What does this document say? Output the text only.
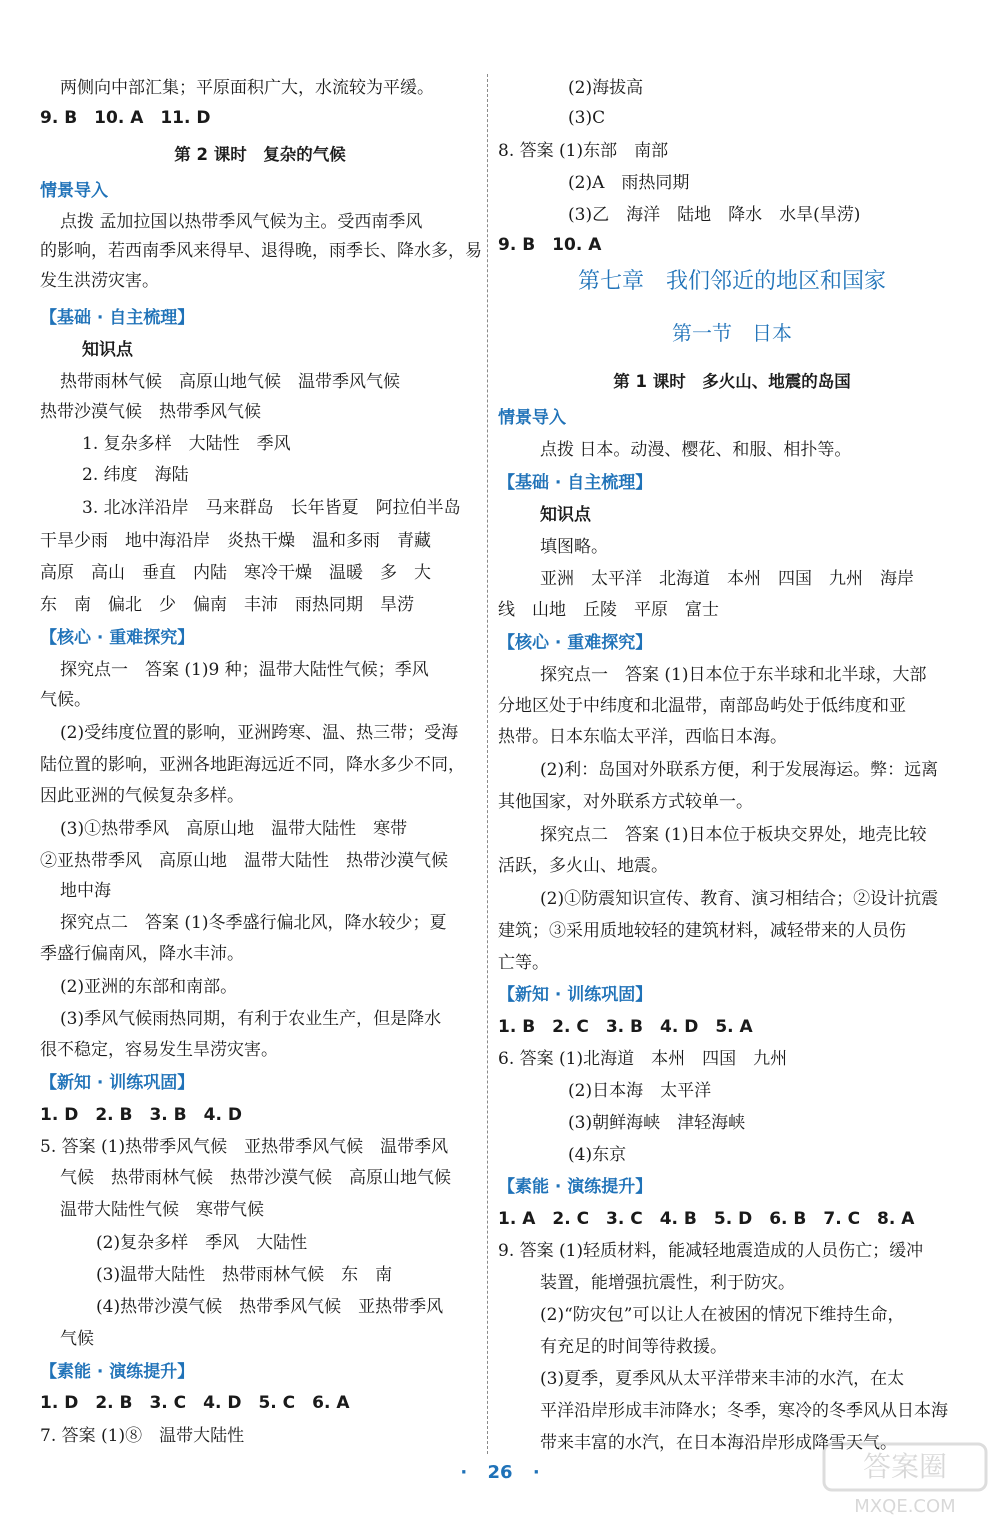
两侧向中部汇集；平原面积广大，水流较为平缓。
9. B　10. A　11. D
第 2 课时　复杂的气候
情景导入
点拨 孟加拉国以热带季风气候为主。受西南季风
的影响，若西南季风来得早、退得晚，雨季长、降水多，易
发生洪涝灾害。
【基础 · 自主梳理】
知识点
热带雨林气候　高原山地气候　温带季风气候
热带沙漠气候　热带季风气候
1. 复杂多样　大陆性　季风
2. 纬度　海陆
3. 北冰洋沿岸　马来群岛　长年皆夏　阿拉伯半岛
干旱少雨　地中海沿岸　炎热干燥　温和多雨　青藏
高原　高山　垂直　内陆　寒冷干燥　温暖　多　大
东　南　偏北　少　偏南　丰沛　雨热同期　旱涝
【核心 · 重难探究】
探究点一　答案 (1)9 种；温带大陆性气候；季风
气候。
(2)受纬度位置的影响，亚洲跨寒、温、热三带；受海
陆位置的影响，亚洲各地距海远近不同，降水多少不同，
因此亚洲的气候复杂多样。
(3)①热带季风　高原山地　温带大陆性　寒带
②亚热带季风　高原山地　温带大陆性　热带沙漠气候
地中海
探究点二　答案 (1)冬季盛行偏北风，降水较少；夏
季盛行偏南风，降水丰沛。
(2)亚洲的东部和南部。
(3)季风气候雨热同期，有利于农业生产，但是降水
很不稳定，容易发生旱涝灾害。
【新知 · 训练巩固】
1. D　2. B　3. B　4. D
5. 答案 (1)热带季风气候　亚热带季风气候　温带季风
气候　热带雨林气候　热带沙漠气候　高原山地气候
温带大陆性气候　寒带气候
(2)复杂多样　季风　大陆性
(3)温带大陆性　热带雨林气候　东　南
(4)热带沙漠气候　热带季风气候　亚热带季风
气候
【素能 · 演练提升】
1. D　2. B　3. C　4. D　5. C　6. A
7. 答案 (1)⑧　温带大陆性
(2)海拔高
(3)C
8. 答案 (1)东部　南部
(2)A　雨热同期
(3)乙　海洋　陆地　降水　水旱(旱涝)
9. B　10. A
第七章　我们邻近的地区和国家
第一节　日本
第 1 课时　多火山、地震的岛国
情景导入
点拨 日本。动漫、樱花、和服、相扑等。
【基础 · 自主梳理】
知识点
填图略。
亚洲　太平洋　北海道　本州　四国　九州　海岸
线　山地　丘陵　平原　富士
【核心 · 重难探究】
探究点一　答案 (1)日本位于东半球和北半球，大部
分地区处于中纬度和北温带，南部岛屿处于低纬度和亚
热带。日本东临太平洋，西临日本海。
(2)利：岛国对外联系方便，利于发展海运。弊：远离
其他国家，对外联系方式较单一。
探究点二　答案 (1)日本位于板块交界处，地壳比较
活跃，多火山、地震。
(2)①防震知识宣传、教育、演习相结合；②设计抗震
建筑；③采用质地较轻的建筑材料，减轻带来的人员伤
亡等。
【新知 · 训练巩固】
1. B　2. C　3. B　4. D　5. A
6. 答案 (1)北海道　本州　四国　九州
(2)日本海　太平洋
(3)朝鲜海峡　津轻海峡
(4)东京
【素能 · 演练提升】
1. A　2. C　3. C　4. B　5. D　6. B　7. C　8. A
9. 答案 (1)轻质材料，能减轻地震造成的人员伤亡；缓冲
装置，能增强抗震性，利于防灾。
(2)“防灾包”可以让人在被困的情况下维持生命，
有充足的时间等待救援。
(3)夏季，夏季风从太平洋带来丰沛的水汽，在太
平洋沿岸形成丰沛降水；冬季，寒冷的冬季风从日本海
带来丰富的水汽，在日本海沿岸形成降雪天气。
· 26 ·	答案圈
MXQE.COM
